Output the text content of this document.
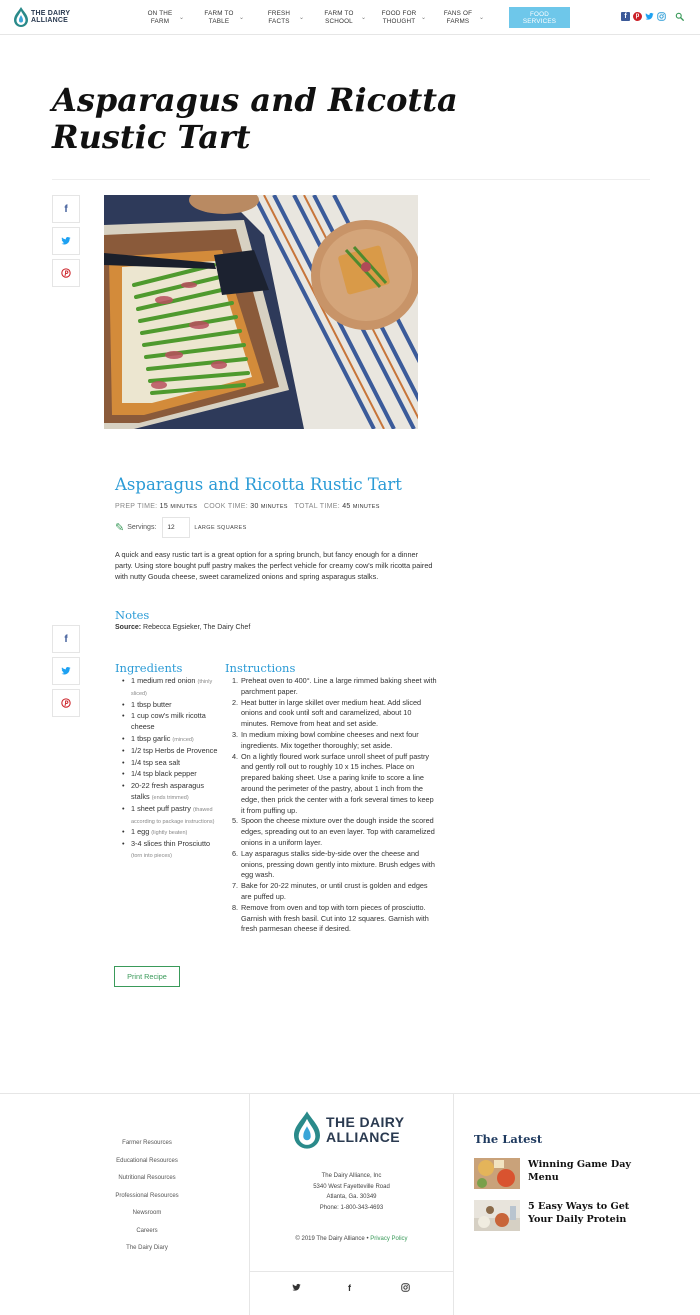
THE DAIRY
ALLIANCE
ON THE
FARM	⌄
FARM TO
TABLE	⌄
FRESH
FACTS	⌄
FARM TO
SCHOOL	⌄
FOOD FOR
THOUGHT ⌄
FANS OF
FARMS	⌄
FOOD
SERVICES
f	p
Asparagus and Ricotta Rustic Tart
f
Asparagus and Ricotta Rustic Tart
PREP TIME: 15 MINUTES COOK TIME: 30 MINUTES TOTAL TIME: 45 MINUTES
✎ Servings:	12	LARGE SQUARES

A quick and easy rustic tart is a great option for a spring brunch, but fancy enough for a dinner party. Using store bought puff pastry makes the perfect vehicle for creamy cow's milk ricotta paired with nutty Gouda cheese, sweet caramelized onions and spring asparagus stalks.

Notes
Source: Rebecca Egsieker, The Dairy Chef
f
Ingredients
• 1 medium red onion (thinly sliced)
• 1 tbsp butter
• 1 cup cow's milk ricotta cheese
• 1 tbsp garlic (minced)
• 1/2 tsp Herbs de Provence
• 1/4 tsp sea salt
• 1/4 tsp black pepper
• 20-22 fresh asparagus stalks (ends trimmed)
• 1 sheet puff pastry (thawed according to package instructions)
• 1 egg (lightly beaten)
• 3-4 slices thin Prosciutto (torn into pieces)
Instructions
1. Preheat oven to 400°. Line a large rimmed baking sheet with parchment paper.
2. Heat butter in large skillet over medium heat. Add sliced onions and cook until soft and caramelized, about 10 minutes. Remove from heat and set aside.
3. In medium mixing bowl combine cheeses and next four ingredients. Mix together thoroughly; set aside.
4. On a lightly floured work surface unroll sheet of puff pastry and gently roll out to roughly 10 x 15 inches. Place on prepared baking sheet. Use a paring knife to score a line around the perimeter of the pastry, about 1 inch from the edge, then prick the center with a fork several times to keep it from puffing up.
5. Spoon the cheese mixture over the dough inside the scored edges, spreading out to an even layer. Top with caramelized onions in a uniform layer.
6. Lay asparagus stalks side-by-side over the cheese and onions, pressing down gently into mixture. Brush edges with egg wash.
7. Bake for 20-22 minutes, or until crust is golden and edges are puffed up.
8. Remove from oven and top with torn pieces of prosciutto. Garnish with fresh basil. Cut into 12 squares. Garnish with fresh parmesan cheese if desired.
Print Recipe
Farmer Resources
Educational Resources
Nutritional Resources
Professional Resources
Newsroom
Careers
The Dairy Diary
THE DAIRY
ALLIANCE
The Dairy Alliance, Inc
5340 West Fayetteville Road
Atlanta, Ga. 30349
Phone: 1-800-343-4693
© 2019 The Dairy Alliance • Privacy Policy
f
The Latest
Winning Game Day Menu
5 Easy Ways to Get Your Daily Protein
